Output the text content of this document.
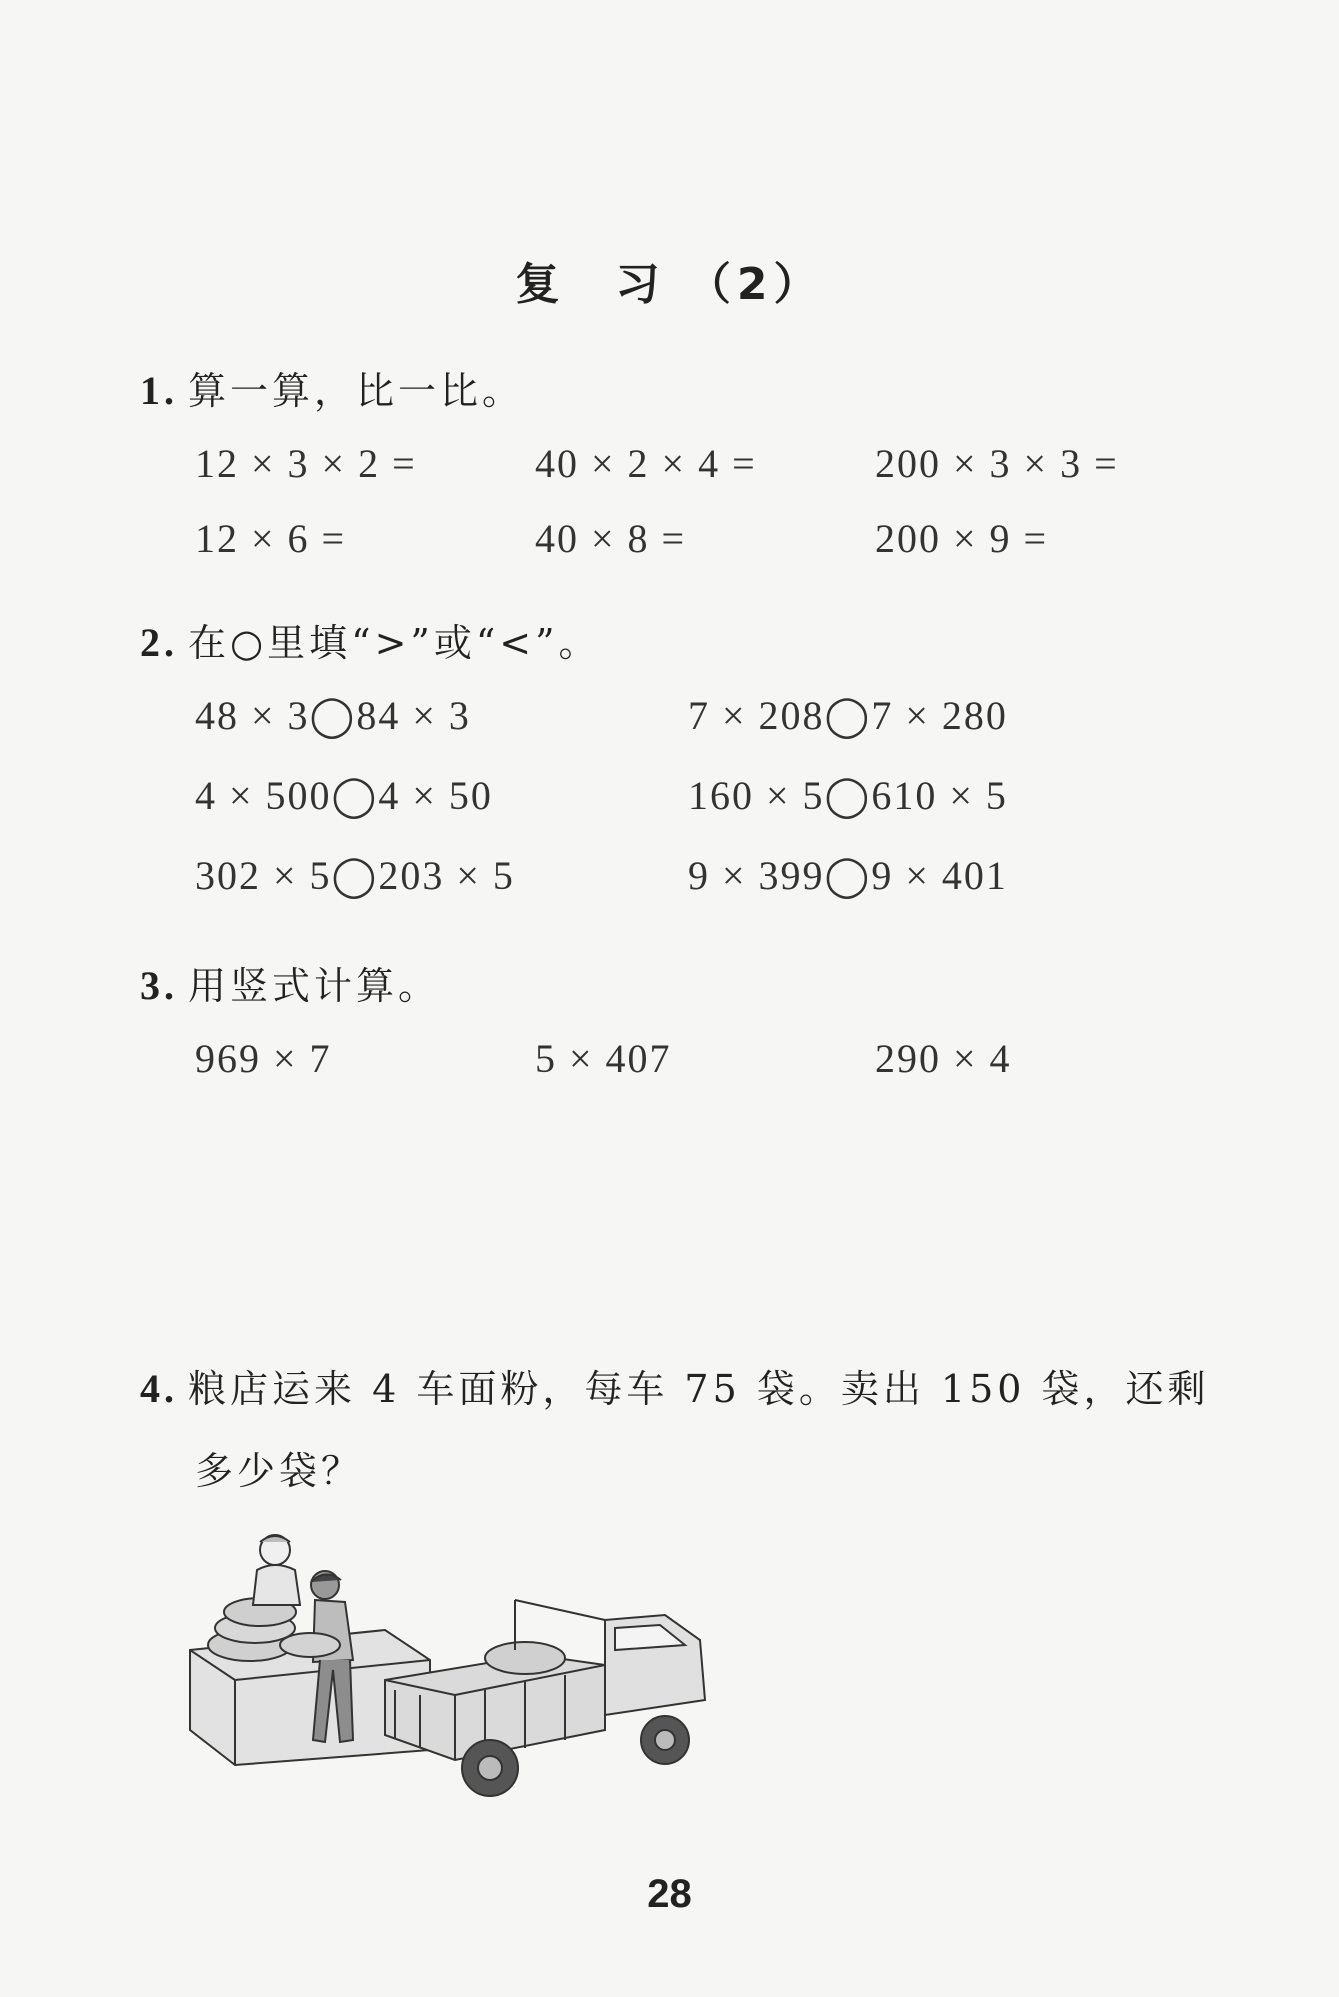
复　习 （2）
1. 算一算，比一比。
12 × 3 × 2 =	40 × 2 × 4 =	200 × 3 × 3 =
12 × 6 =	40 × 8 =	200 × 9 =
2. 在○里填“>”或“<”。
48 × 3◯84 × 3	7 × 208◯7 × 280
4 × 500◯4 × 50	160 × 5◯610 × 5
302 × 5◯203 × 5	9 × 399◯9 × 401
3. 用竖式计算。
969 × 7	5 × 407	290 × 4
4. 粮店运来 4 车面粉，每车 75 袋。卖出 150 袋，还剩
多少袋？
28
